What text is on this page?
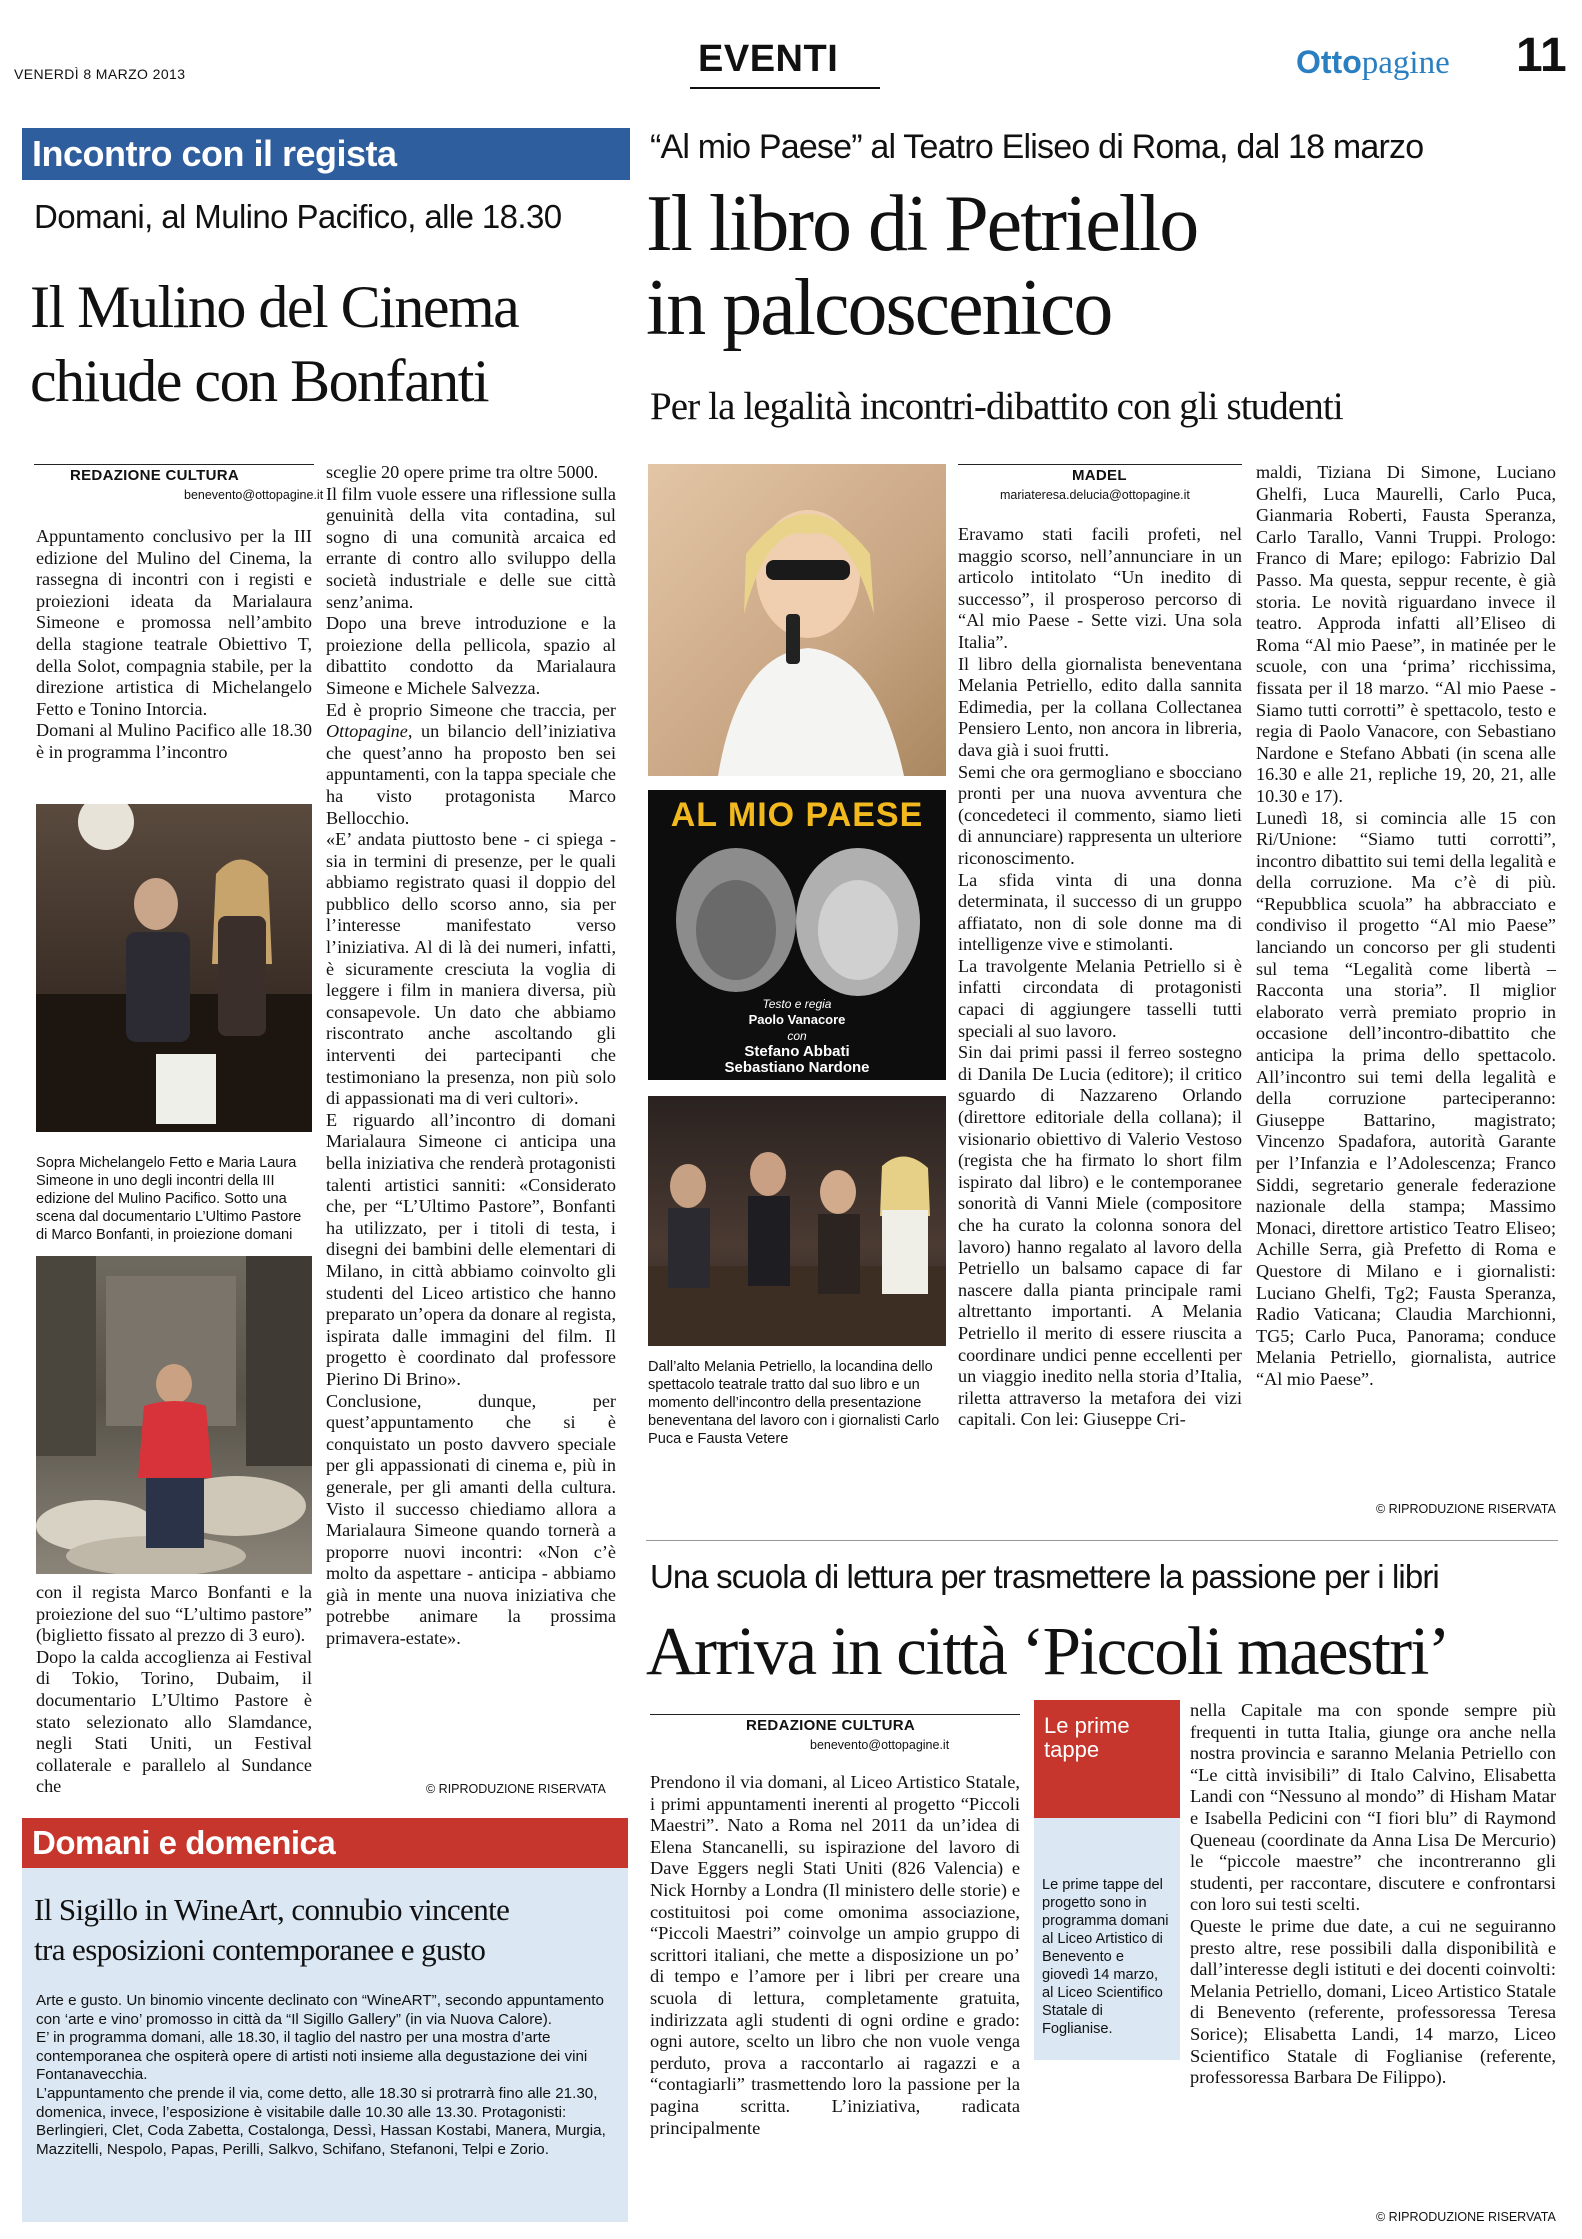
VENERDÌ 8 MARZO 2013	EVENTI	Ottopagine 11
Incontro con il regista
Domani, al Mulino Pacifico, alle 18.30
Il Mulino del Cinema
chiude con Bonfanti
REDAZIONE CULTURA
benevento@ottopagine.it

Appuntamento conclusivo per la III edizione del Mulino del Cinema, la rassegna di incontri con i registi e proiezioni ideata da Marialaura Simeone e promossa nell’ambito della stagione teatrale Obiettivo T, della Solot, compagnia stabile, per la direzione artistica di Michelangelo Fetto e Tonino Intorcia.

Domani al Mulino Pacifico alle 18.30 è in programma l’incontro

Sopra Michelangelo Fetto e Maria Laura Simeone in uno degli incontri della III edizione del Mulino Pacifico. Sotto una scena dal documentario L’Ultimo Pastore di Marco Bonfanti, in proiezione domani

con il regista Marco Bonfanti e la proiezione del suo “L’ultimo pastore” (biglietto fissato al prezzo di 3 euro).

Dopo la calda accoglienza ai Festival di Tokio, Torino, Dubaim, il documentario L’Ultimo Pastore è stato selezionato allo Slamdance, negli Stati Uniti, un Festival collaterale e parallelo al Sundance che

sceglie 20 opere prime tra oltre 5000.

Il film vuole essere una riflessione sulla genuinità della vita contadina, sul sogno di una comunità arcaica ed errante di contro allo sviluppo della società industriale e delle sue città senz’anima.

Dopo una breve introduzione e la proiezione della pellicola, spazio al dibattito condotto da Marialaura Simeone e Michele Salvezza.

Ed è proprio Simeone che traccia, per Ottopagine, un bilancio dell’iniziativa che quest’anno ha proposto ben sei appuntamenti, con la tappa speciale che ha visto protagonista Marco Bellocchio.

«E’ andata piuttosto bene - ci spiega - sia in termini di presenze, per le quali abbiamo registrato quasi il doppio del pubblico dello scorso anno, sia per l’interesse manifestato verso l’iniziativa. Al di là dei numeri, infatti, è sicuramente cresciuta la voglia di leggere i film in maniera diversa, più consapevole. Un dato che abbiamo riscontrato anche ascoltando gli interventi dei partecipanti che testimoniano la presenza, non più solo di appassionati ma di veri cultori».

E riguardo all’incontro di domani Marialaura Simeone ci anticipa una bella iniziativa che renderà protagonisti talenti artistici sanniti: «Considerato che, per “L’Ultimo Pastore”, Bonfanti ha utilizzato, per i titoli di testa, i disegni dei bambini delle elementari di Milano, in città abbiamo coinvolto gli studenti del Liceo artistico che hanno preparato un’opera da donare al regista, ispirata dalle immagini del film. Il progetto è coordinato dal professore Pierino Di Brino».

Conclusione, dunque, per quest’appuntamento che si è conquistato un posto davvero speciale per gli appassionati di cinema e, più in generale, per gli amanti della cultura. Visto il successo chiediamo allora a Marialaura Simeone quando tornerà a proporre nuovi incontri: «Non c’è molto da aspettare - anticipa - abbiamo già in mente una nuova iniziativa che potrebbe animare la prossima primavera-estate».

© RIPRODUZIONE RISERVATA
Domani e domenica
Il Sigillo in WineArt, connubio vincente
tra esposizioni contemporanee e gusto

Arte e gusto. Un binomio vincente declinato con “WineART”, secondo appuntamento con ‘arte e vino’ promosso in città da “Il Sigillo Gallery” (in via Nuova Calore).

E’ in programma domani, alle 18.30, il taglio del nastro per una mostra d’arte contemporanea che ospiterà opere di artisti noti insieme alla degustazione dei vini Fontanavecchia.

L’appuntamento che prende il via, come detto, alle 18.30 si protrarrà fino alle 21.30, domenica, invece, l’esposizione è visitabile dalle 10.30 alle 13.30. Protagonisti: Berlingieri, Clet, Coda Zabetta, Costalonga, Dessì, Hassan Kostabi, Manera, Murgia, Mazzitelli, Nespolo, Papas, Perilli, Salkvo, Schifano, Stefanoni, Telpi e Zorio.

“Al mio Paese” al Teatro Eliseo di Roma, dal 18 marzo
Il libro di Petriello
in palcoscenico
Per la legalità incontri-dibattito con gli studenti
AL MIO PAESE
Testo e regia
Paolo Vanacore
con
Stefano Abbati
Sebastiano Nardone
Dall’alto Melania Petriello, la locandina dello spettacolo teatrale tratto dal suo libro e un momento dell’incontro della presentazione beneventana del lavoro con i giornalisti Carlo Puca e Fausta Vetere
MADEL
mariateresa.delucia@ottopagine.it

Eravamo stati facili profeti, nel maggio scorso, nell’annunciare in un articolo intitolato “Un inedito di successo”, il prosperoso percorso di “Al mio Paese - Sette vizi. Una sola Italia”.

Il libro della giornalista beneventana Melania Petriello, edito dalla sannita Edimedia, per la collana Collectanea Pensiero Lento, non ancora in libreria, dava già i suoi frutti.

Semi che ora germogliano e sbocciano pronti per una nuova avventura che (concedeteci il commento, siamo lieti di annunciare) rappresenta un ulteriore riconoscimento.

La sfida vinta di una donna determinata, il successo di un gruppo affiatato, non di sole donne ma di intelligenze vive e stimolanti.

La travolgente Melania Petriello si è infatti circondata di protagonisti capaci di aggiungere tasselli tutti speciali al suo lavoro.

Sin dai primi passi il ferreo sostegno di Danila De Lucia (editore); il critico sguardo di Nazzareno Orlando (direttore editoriale della collana); il visionario obiettivo di Valerio Vestoso (regista che ha firmato lo short film ispirato dal libro) e le contemporanee sonorità di Vanni Miele (compositore che ha curato la colonna sonora del lavoro) hanno regalato al lavoro della Petriello un balsamo capace di far nascere dalla pianta principale rami altrettanto importanti. A Melania Petriello il merito di essere riuscita a coordinare undici penne eccellenti per un viaggio inedito nella storia d’Italia, riletta attraverso la metafora dei vizi capitali. Con lei: Giuseppe Cri-

maldi, Tiziana Di Simone, Luciano Ghelfi, Luca Maurelli, Carlo Puca, Gianmaria Roberti, Fausta Speranza, Carlo Tarallo, Vanni Truppi. Prologo: Franco di Mare; epilogo: Fabrizio Dal Passo. Ma questa, seppur recente, è già storia. Le novità riguardano invece il teatro. Approda infatti all’Eliseo di Roma “Al mio Paese”, in matinée per le scuole, con una ‘prima’ ricchissima, fissata per il 18 marzo. “Al mio Paese - Siamo tutti corrotti” è spettacolo, testo e regia di Paolo Vanacore, con Sebastiano Nardone e Stefano Abbati (in scena alle 16.30 e alle 21, repliche 19, 20, 21, alle 10.30 e 17).

Lunedì 18, si comincia alle 15 con Ri/Unione: “Siamo tutti corrotti”, incontro dibattito sui temi della legalità e della corruzione. Ma c’è di più. “Repubblica scuola” ha abbracciato e condiviso il progetto “Al mio Paese” lanciando un concorso per gli studenti sul tema “Legalità come libertà – Racconta una storia”. Il miglior elaborato verrà premiato proprio in occasione dell’incontro-dibattito che anticipa la prima dello spettacolo. All’incontro sui temi della legalità e della corruzione parteciperanno: Giuseppe Battarino, magistrato; Vincenzo Spadafora, autorità Garante per l’Infanzia e l’Adolescenza; Franco Siddi, segretario generale federazione nazionale della stampa; Massimo Monaci, direttore artistico Teatro Eliseo; Achille Serra, già Prefetto di Roma e Questore di Milano e i giornalisti: Luciano Ghelfi, Tg2; Fausta Speranza, Radio Vaticana; Claudia Marchionni, TG5; Carlo Puca, Panorama; conduce Melania Petriello, giornalista, autrice “Al mio Paese”.

© RIPRODUZIONE RISERVATA
Una scuola di lettura per trasmettere la passione per i libri
Arriva in città ‘Piccoli maestri’
REDAZIONE CULTURA
benevento@ottopagine.it
Prendono il via domani, al Liceo Artistico Statale, i primi appuntamenti inerenti al progetto “Piccoli Maestri”. Nato a Roma nel 2011 da un’idea di Elena Stancanelli, su ispirazione del lavoro di Dave Eggers negli Stati Uniti (826 Valencia) e Nick Hornby a Londra (Il ministero delle storie) e costituitosi poi come omonima associazione, “Piccoli Maestri” coinvolge un ampio gruppo di scrittori italiani, che mette a disposizione un po’ di tempo e l’amore per i libri per creare una scuola di lettura, completamente gratuita, indirizzata agli studenti di ogni ordine e grado: ogni autore, scelto un libro che non vuole venga perduto, prova a raccontarlo ai ragazzi e a “contagiarli” trasmettendo loro la passione per la pagina scritta. L’iniziativa, radicata principalmente
Le prime tappe
Le prime tappe del progetto sono in programma domani al Liceo Artistico di Benevento e giovedì 14 marzo, al Liceo Scientifico Statale di Foglianise.

nella Capitale ma con sponde sempre più frequenti in tutta Italia, giunge ora anche nella nostra provincia e saranno Melania Petriello con “Le città invisibili” di Italo Calvino, Elisabetta Landi con “Nessuno al mondo” di Hisham Matar e Isabella Pedicini con “I fiori blu” di Raymond Queneau (coordinate da Anna Lisa De Mercurio) le “piccole maestre” che incontreranno gli studenti, per raccontare, discutere e confrontarsi con loro sui testi scelti.

Queste le prime due date, a cui ne seguiranno presto altre, rese possibili dalla disponibilità e dall’interesse degli istituti e dei docenti coinvolti: Melania Petriello, domani, Liceo Artistico Statale di Benevento (referente, professoressa Teresa Sorice); Elisabetta Landi, 14 marzo, Liceo Scientifico Statale di Foglianise (referente, professoressa Barbara De Filippo).

© RIPRODUZIONE RISERVATA
